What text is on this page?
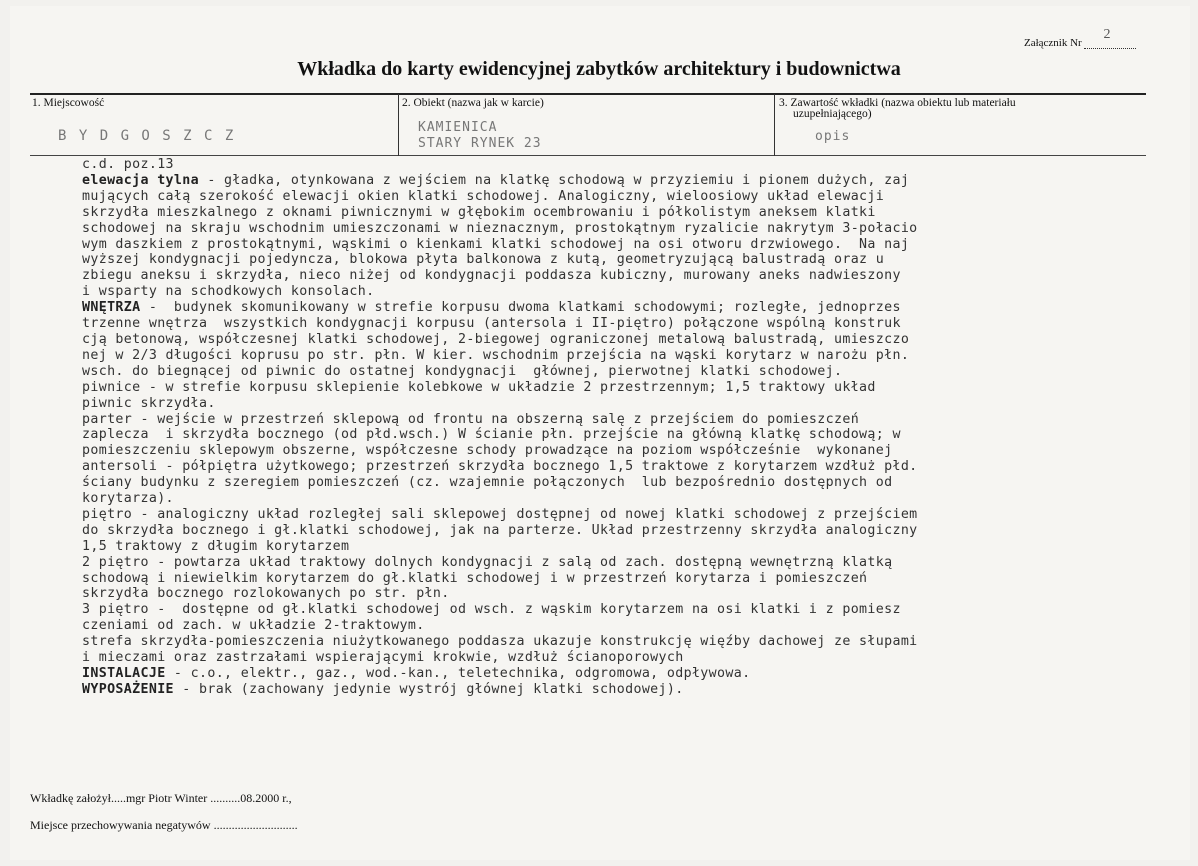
Załącznik Nr
2
Wkładka do karty ewidencyjnej zabytków architektury i budownictwa
1. Miejscowość
B Y D G O S Z C Z
2. Obiekt (nazwa jak w karcie)
KAMIENICA
STARY RYNEK 23
3. Zawartość wkładki (nazwa obiektu lub materiału
uzupełniającego)
opis
c.d. poz.13
elewacja tylna - gładka, otynkowana z wejściem na klatkę schodową w przyziemiu i pionem dużych, zaj
mujących całą szerokość elewacji okien klatki schodowej. Analogiczny, wieloosiowy układ elewacji
skrzydła mieszkalnego z oknami piwnicznymi w głębokim ocembrowaniu i półkolistym aneksem klatki
schodowej na skraju wschodnim umieszczonami w nieznacznym, prostokątnym ryzalicie nakrytym 3-połacio
wym daszkiem z prostokątnymi, wąskimi o kienkami klatki schodowej na osi otworu drzwiowego.  Na naj
wyższej kondygnacji pojedyncza, blokowa płyta balkonowa z kutą, geometryzującą balustradą oraz u
zbiegu aneksu i skrzydła, nieco niżej od kondygnacji poddasza kubiczny, murowany aneks nadwieszony
i wsparty na schodkowych konsolach.
WNĘTRZA -  budynek skomunikowany w strefie korpusu dwoma klatkami schodowymi; rozległe, jednoprzes
trzenne wnętrza  wszystkich kondygnacji korpusu (antersola i II-piętro) połączone wspólną konstruk
cją betonową, współczesnej klatki schodowej, 2-biegowej ograniczonej metalową balustradą, umieszczo
nej w 2/3 długości koprusu po str. płn. W kier. wschodnim przejścia na wąski korytarz w narożu płn.
wsch. do biegnącej od piwnic do ostatnej kondygnacji  głównej, pierwotnej klatki schodowej.
piwnice - w strefie korpusu sklepienie kolebkowe w układzie 2 przestrzennym; 1,5 traktowy układ
piwnic skrzydła.
parter - wejście w przestrzeń sklepową od frontu na obszerną salę z przejściem do pomieszczeń
zaplecza  i skrzydła bocznego (od płd.wsch.) W ścianie płn. przejście na główną klatkę schodową; w
pomieszczeniu sklepowym obszerne, współczesne schody prowadzące na poziom współcześnie  wykonanej
antersoli - półpiętra użytkowego; przestrzeń skrzydła bocznego 1,5 traktowe z korytarzem wzdłuż płd.
ściany budynku z szeregiem pomieszczeń (cz. wzajemnie połączonych  lub bezpośrednio dostępnych od
korytarza).
piętro - analogiczny układ rozległej sali sklepowej dostępnej od nowej klatki schodowej z przejściem
do skrzydła bocznego i gł.klatki schodowej, jak na parterze. Układ przestrzenny skrzydła analogiczny
1,5 traktowy z długim korytarzem
2 piętro - powtarza układ traktowy dolnych kondygnacji z salą od zach. dostępną wewnętrzną klatką
schodową i niewielkim korytarzem do gł.klatki schodowej i w przestrzeń korytarza i pomieszczeń
skrzydła bocznego rozlokowanych po str. płn.
3 piętro -  dostępne od gł.klatki schodowej od wsch. z wąskim korytarzem na osi klatki i z pomiesz
czeniami od zach. w układzie 2-traktowym.
strefa skrzydła-pomieszczenia niużytkowanego poddasza ukazuje konstrukcję więźby dachowej ze słupami
i mieczami oraz zastrzałami wspierającymi krokwie, wzdłuż ścianoporowych
INSTALACJE - c.o., elektr., gaz., wod.-kan., teletechnika, odgromowa, odpływowa.
WYPOSAŻENIE - brak (zachowany jedynie wystrój głównej klatki schodowej).
Wkładkę założył.....mgr Piotr Winter ..........08.2000 r.,
Miejsce przechowywania negatywów ............................
